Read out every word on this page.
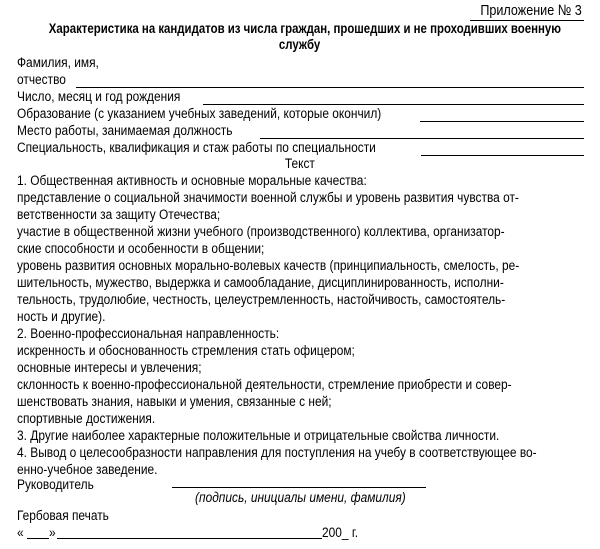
Приложение № 3
Характеристика на кандидатов из числа граждан, прошедших и не проходивших военную
службу
Фамилия, имя,
отчество
Число, месяц и год рождения
Образование (с указанием учебных заведений, которые окончил)
Место работы, занимаемая должность
Специальность, квалификация и стаж работы по специальности
Текст
1. Общественная активность и основные моральные качества:
представление о социальной значимости военной службы и уровень развития чувства от-
ветственности за защиту Отечества;
участие в общественной жизни учебного (производственного) коллектива, организатор-
ские способности и особенности в общении;
уровень развития основных морально-волевых качеств (принципиальность, смелость, ре-
шительность, мужество, выдержка и самообладание, дисциплинированность, исполни-
тельность, трудолюбие, честность, целеустремленность, настойчивость, самостоятель-
ность и другие).
2. Военно-профессиональная направленность:
искренность и обоснованность стремления стать офицером;
основные интересы и увлечения;
склонность к военно-профессиональной деятельности, стремление приобрести и совер-
шенствовать знания, навыки и умения, связанные с ней;
спортивные достижения.
3. Другие наиболее характерные положительные и отрицательные свойства личности.
4. Вывод о целесообразности направления для поступления на учебу в соответствующее во-
енно-учебное заведение.
Руководитель
(подпись, инициалы имени, фамилия)
Гербовая печать
« »	200_ г.
